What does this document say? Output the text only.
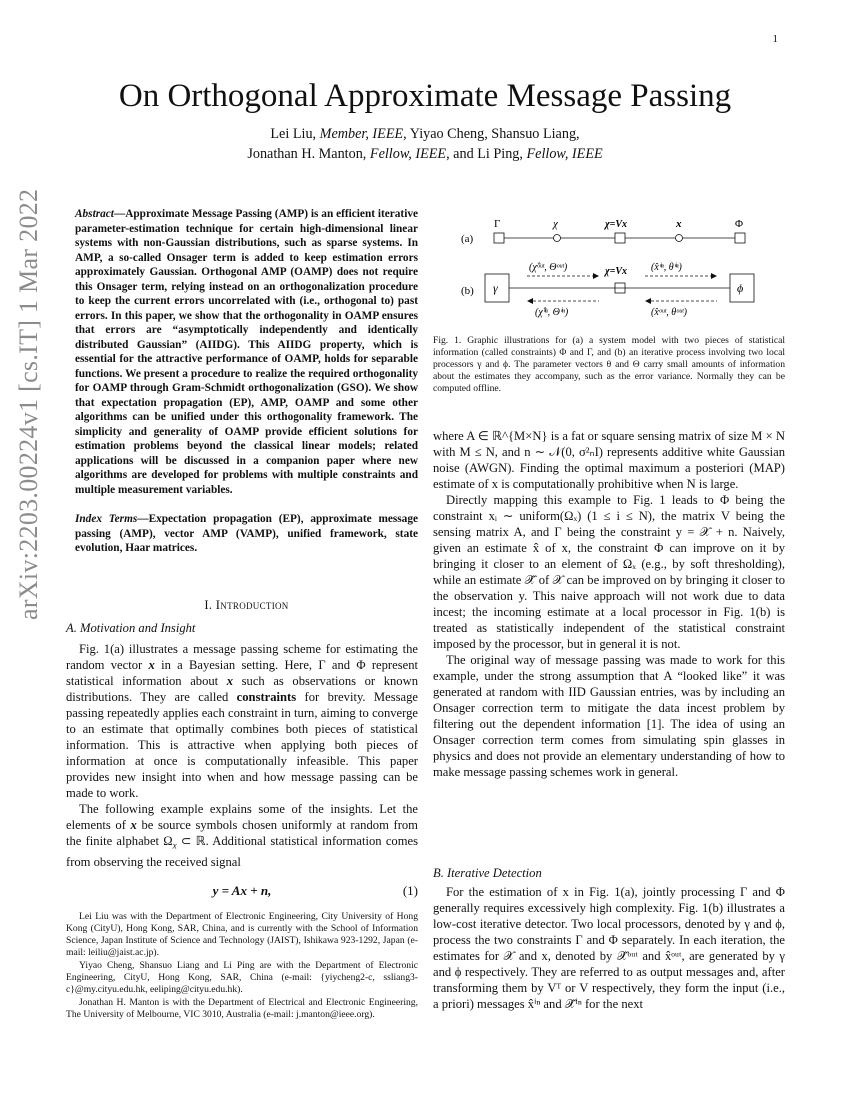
1
arXiv:2203.00224v1 [cs.IT] 1 Mar 2022
On Orthogonal Approximate Message Passing
Lei Liu, Member, IEEE, Yiyao Cheng, Shansuo Liang,
Jonathan H. Manton, Fellow, IEEE, and Li Ping, Fellow, IEEE
Abstract—Approximate Message Passing (AMP) is an efficient iterative parameter-estimation technique for certain high-dimensional linear systems with non-Gaussian distributions, such as sparse systems. In AMP, a so-called Onsager term is added to keep estimation errors approximately Gaussian. Orthogonal AMP (OAMP) does not require this Onsager term, relying instead on an orthogonalization procedure to keep the current errors uncorrelated with (i.e., orthogonal to) past errors. In this paper, we show that the orthogonality in OAMP ensures that errors are “asymptotically independently and identically distributed Gaussian” (AIIDG). This AIIDG property, which is essential for the attractive performance of OAMP, holds for separable functions. We present a procedure to realize the required orthogonality for OAMP through Gram-Schmidt orthogonalization (GSO). We show that expectation propagation (EP), AMP, OAMP and some other algorithms can be unified under this orthogonality framework. The simplicity and generality of OAMP provide efficient solutions for estimation problems beyond the classical linear models; related applications will be discussed in a companion paper where new algorithms are developed for problems with multiple constraints and multiple measurement variables.
Index Terms—Expectation propagation (EP), approximate message passing (AMP), vector AMP (VAMP), unified framework, state evolution, Haar matrices.
I. Introduction
A. Motivation and Insight

Fig. 1(a) illustrates a message passing scheme for estimating the random vector x in a Bayesian setting. Here, Γ and Φ represent statistical information about x such as observations or known distributions. They are called constraints for brevity. Message passing repeatedly applies each constraint in turn, aiming to converge to an estimate that optimally combines both pieces of statistical information. This is attractive when applying both pieces of information at once is computationally infeasible. This paper provides new insight into when and how message passing can be made to work.

The following example explains some of the insights. Let the elements of x be source symbols chosen uniformly at random from the finite alphabet $\Omega_x$ ⊂ ℝ. Additional statistical information comes from observing the received signal

y = Ax + n,	(1)

Lei Liu was with the Department of Electronic Engineering, City University of Hong Kong (CityU), Hong Kong, SAR, China, and is currently with the School of Information Science, Japan Institute of Science and Technology (JAIST), Ishikawa 923-1292, Japan (e-mail: leiliu@jaist.ac.jp).

Yiyao Cheng, Shansuo Liang and Li Ping are with the Department of Electronic Engineering, CityU, Hong Kong, SAR, China (e-mail: {yiycheng2-c, ssliang3-c}@my.cityu.edu.hk, eeliping@cityu.edu.hk).

Jonathan H. Manton is with the Department of Electrical and Electronic Engineering, The University of Melbourne, VIC 3010, Australia (e-mail: j.manton@ieee.org).

(a)
Γ	χ	χ=Vx	x	Φ
(b) γ	ϕ
χ=Vx
(χ̂ᵒᵘᵗ, Θᵒᵘᵗ)
(χ̂ⁱⁿ, Θⁱⁿ)
(x̂ⁱⁿ, θⁱⁿ)
(x̂ᵒᵘᵗ, θᵒᵘᵗ)
Fig. 1. Graphic illustrations for (a) a system model with two pieces of statistical information (called constraints) Φ and Γ, and (b) an iterative process involving two local processors γ and ϕ. The parameter vectors θ and Θ carry small amounts of information about the estimates they accompany, such as the error variance. Normally they can be computed offline.

where A ∈ ℝ^{M×N} is a fat or square sensing matrix of size M × N with M ≤ N, and n ∼ 𝒩(0, σ²ₙI) represents additive white Gaussian noise (AWGN). Finding the optimal maximum a posteriori (MAP) estimate of x is computationally prohibitive when N is large.

Directly mapping this example to Fig. 1 leads to Φ being the constraint xᵢ ∼ uniform(Ωₓ) (1 ≤ i ≤ N), the matrix V being the sensing matrix A, and Γ being the constraint y = 𝒳 + n. Naively, given an estimate x̂ of x, the constraint Φ can improve on it by bringing it closer to an element of Ωₓ (e.g., by soft thresholding), while an estimate 𝒳̂ of 𝒳 can be improved on by bringing it closer to the observation y. This naive approach will not work due to data incest; the incoming estimate at a local processor in Fig. 1(b) is treated as statistically independent of the statistical constraint imposed by the processor, but in general it is not.

The original way of message passing was made to work for this example, under the strong assumption that A “looked like” it was generated at random with IID Gaussian entries, was by including an Onsager correction term to mitigate the data incest problem by filtering out the dependent information [1]. The idea of using an Onsager correction term comes from simulating spin glasses in physics and does not provide an elementary understanding of how to make message passing schemes work in general.

B. Iterative Detection

For the estimation of x in Fig. 1(a), jointly processing Γ and Φ generally requires excessively high complexity. Fig. 1(b) illustrates a low-cost iterative detector. Two local processors, denoted by γ and ϕ, process the two constraints Γ and Φ separately. In each iteration, the estimates for 𝒳 and x, denoted by 𝒳̂ᵒᵘᵗ and x̂ᵒᵘᵗ, are generated by γ and ϕ respectively. They are referred to as output messages and, after transforming them by Vᵀ or V respectively, they form the input (i.e., a priori) messages x̂ⁱⁿ and 𝒳̂ⁱⁿ for the next
